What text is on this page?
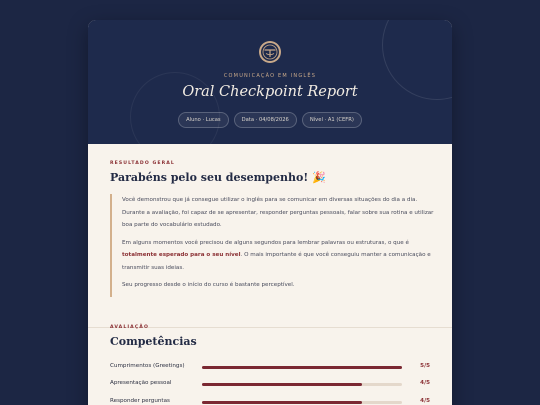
COMUNICAÇÃO EM INGLÊS
Oral Checkpoint Report
Aluno · Lucas	Data · 04/08/2026	Nível · A1 (CEFR)
RESULTADO GERAL
Parabéns pelo seu desempenho! 🎉

Você demonstrou que já consegue utilizar o inglês para se comunicar em diversas situações do dia a dia. Durante a avaliação, foi capaz de se apresentar, responder perguntas pessoais, falar sobre sua rotina e utilizar boa parte do vocabulário estudado.

Em alguns momentos você precisou de alguns segundos para lembrar palavras ou estruturas, o que é totalmente esperado para o seu nível. O mais importante é que você conseguiu manter a comunicação e transmitir suas ideias.

Seu progresso desde o início do curso é bastante perceptível.

AVALIAÇÃO
Competências
Cumprimentos (Greetings)	5/5
Apresentação pessoal	4/5
Responder perguntas	4/5
